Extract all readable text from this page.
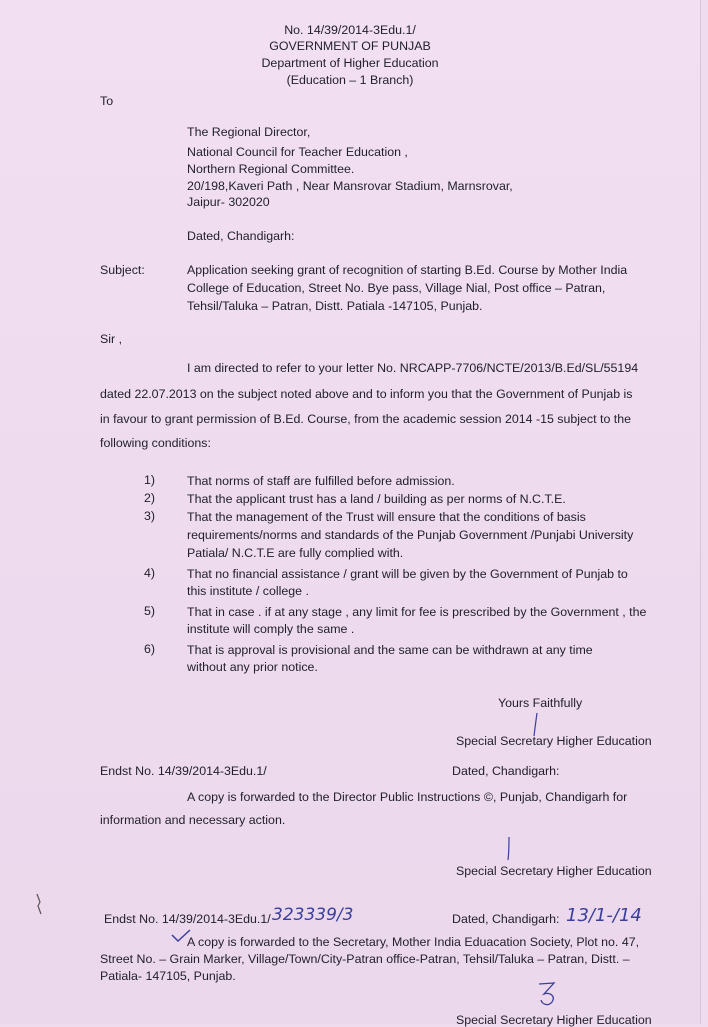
No. 14/39/2014-3Edu.1/
GOVERNMENT OF PUNJAB
Department of Higher Education
(Education – 1 Branch)
To
The Regional Director,
National Council for Teacher Education ,
Northern Regional Committee.
20/198,Kaveri Path , Near Mansrovar Stadium, Marnsrovar,
Jaipur- 302020
Dated, Chandigarh:
Subject:	Application seeking grant of recognition of starting B.Ed. Course by Mother India
College of Education, Street No. Bye pass, Village Nial, Post office – Patran,
Tehsil/Taluka – Patran, Distt. Patiala -147105, Punjab.
Sir ,
I am directed to refer to your letter No. NRCAPP-7706/NCTE/2013/B.Ed/SL/55194
dated 22.07.2013 on the subject noted above and to inform you that the Government of Punjab is
in favour to grant permission of B.Ed. Course, from the academic session 2014 -15 subject to the
following conditions:
1)	That norms of staff are fulfilled before admission.
2)	That the applicant trust has a land / building as per norms of N.C.T.E.
3)	That the management of the Trust will ensure that the conditions of basis
requirements/norms and standards of the Punjab Government /Punjabi University
Patiala/ N.C.T.E are fully complied with.
4)	That no financial assistance / grant will be given by the Government of Punjab to
this institute / college .
5)	That in case . if at any stage , any limit for fee is prescribed by the Government , the
institute will comply the same .
6)	That is approval is provisional and the same can be withdrawn at any time
without any prior notice.
Yours Faithfully
Special Secretary Higher Education
Endst No. 14/39/2014-3Edu.1/	Dated, Chandigarh:
A copy is forwarded to the Director Public Instructions ©, Punjab, Chandigarh for
information and necessary action.
Special Secretary Higher Education
Endst No. 14/39/2014-3Edu.1/ 323339/3	Dated, Chandigarh: 13/1-/14
A copy is forwarded to the Secretary, Mother India Eduacation Society, Plot no. 47,
Street No. – Grain Marker, Village/Town/City-Patran office-Patran, Tehsil/Taluka – Patran, Distt. –
Patiala- 147105, Punjab.
Special Secretary Higher Education
